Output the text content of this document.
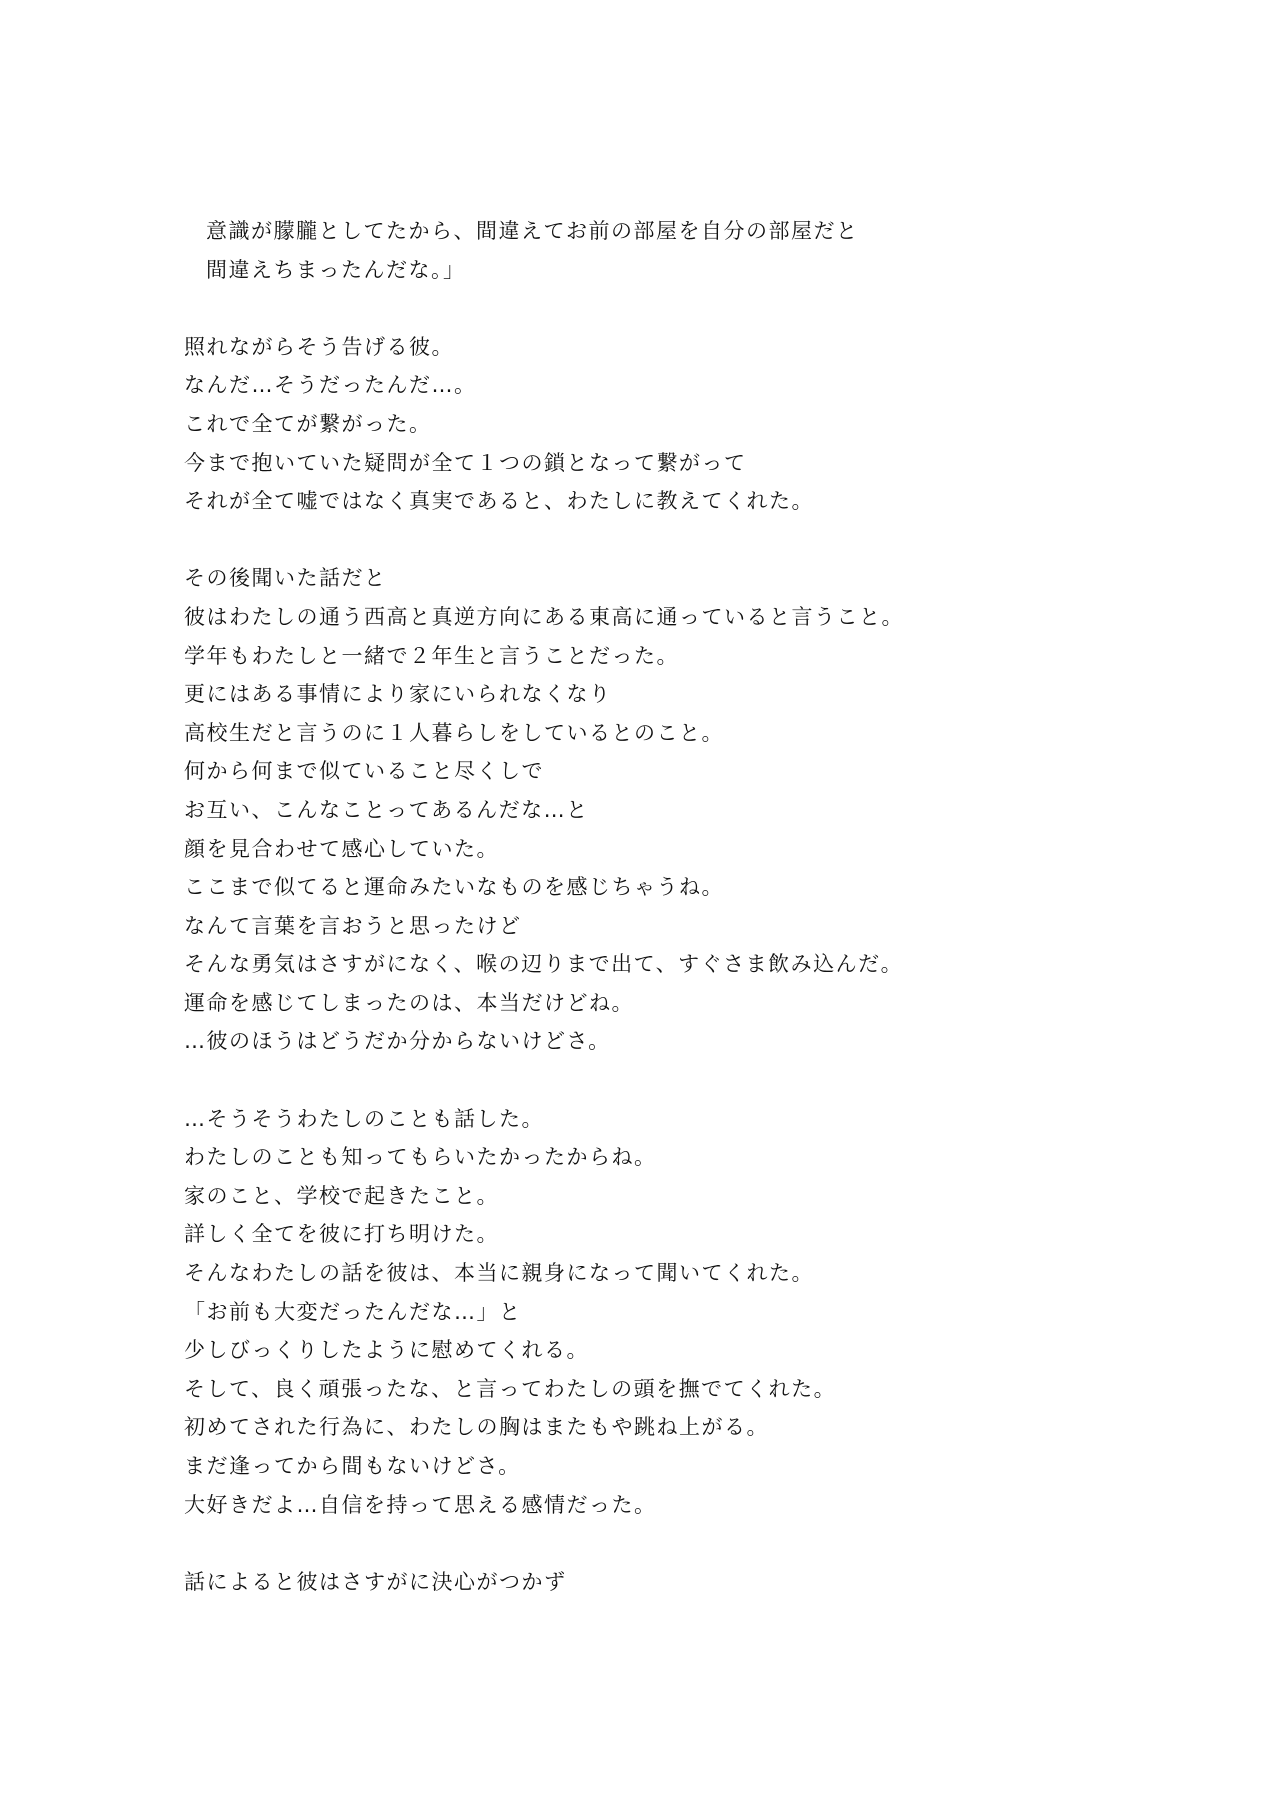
意識が朦朧としてたから、間違えてお前の部屋を自分の部屋だと
間違えちまったんだな。」
照れながらそう告げる彼。
なんだ…そうだったんだ…。
これで全てが繋がった。
今まで抱いていた疑問が全て１つの鎖となって繋がって
それが全て嘘ではなく真実であると、わたしに教えてくれた。
その後聞いた話だと
彼はわたしの通う西高と真逆方向にある東高に通っていると言うこと。
学年もわたしと一緒で２年生と言うことだった。
更にはある事情により家にいられなくなり
高校生だと言うのに１人暮らしをしているとのこと。
何から何まで似ていること尽くしで
お互い、こんなことってあるんだな…と
顔を見合わせて感心していた。
ここまで似てると運命みたいなものを感じちゃうね。
なんて言葉を言おうと思ったけど
そんな勇気はさすがになく、喉の辺りまで出て、すぐさま飲み込んだ。
運命を感じてしまったのは、本当だけどね。
…彼のほうはどうだか分からないけどさ。
…そうそうわたしのことも話した。
わたしのことも知ってもらいたかったからね。
家のこと、学校で起きたこと。
詳しく全てを彼に打ち明けた。
そんなわたしの話を彼は、本当に親身になって聞いてくれた。
「お前も大変だったんだな…」と
少しびっくりしたように慰めてくれる。
そして、良く頑張ったな、と言ってわたしの頭を撫でてくれた。
初めてされた行為に、わたしの胸はまたもや跳ね上がる。
まだ逢ってから間もないけどさ。
大好きだよ…自信を持って思える感情だった。
話によると彼はさすがに決心がつかず
